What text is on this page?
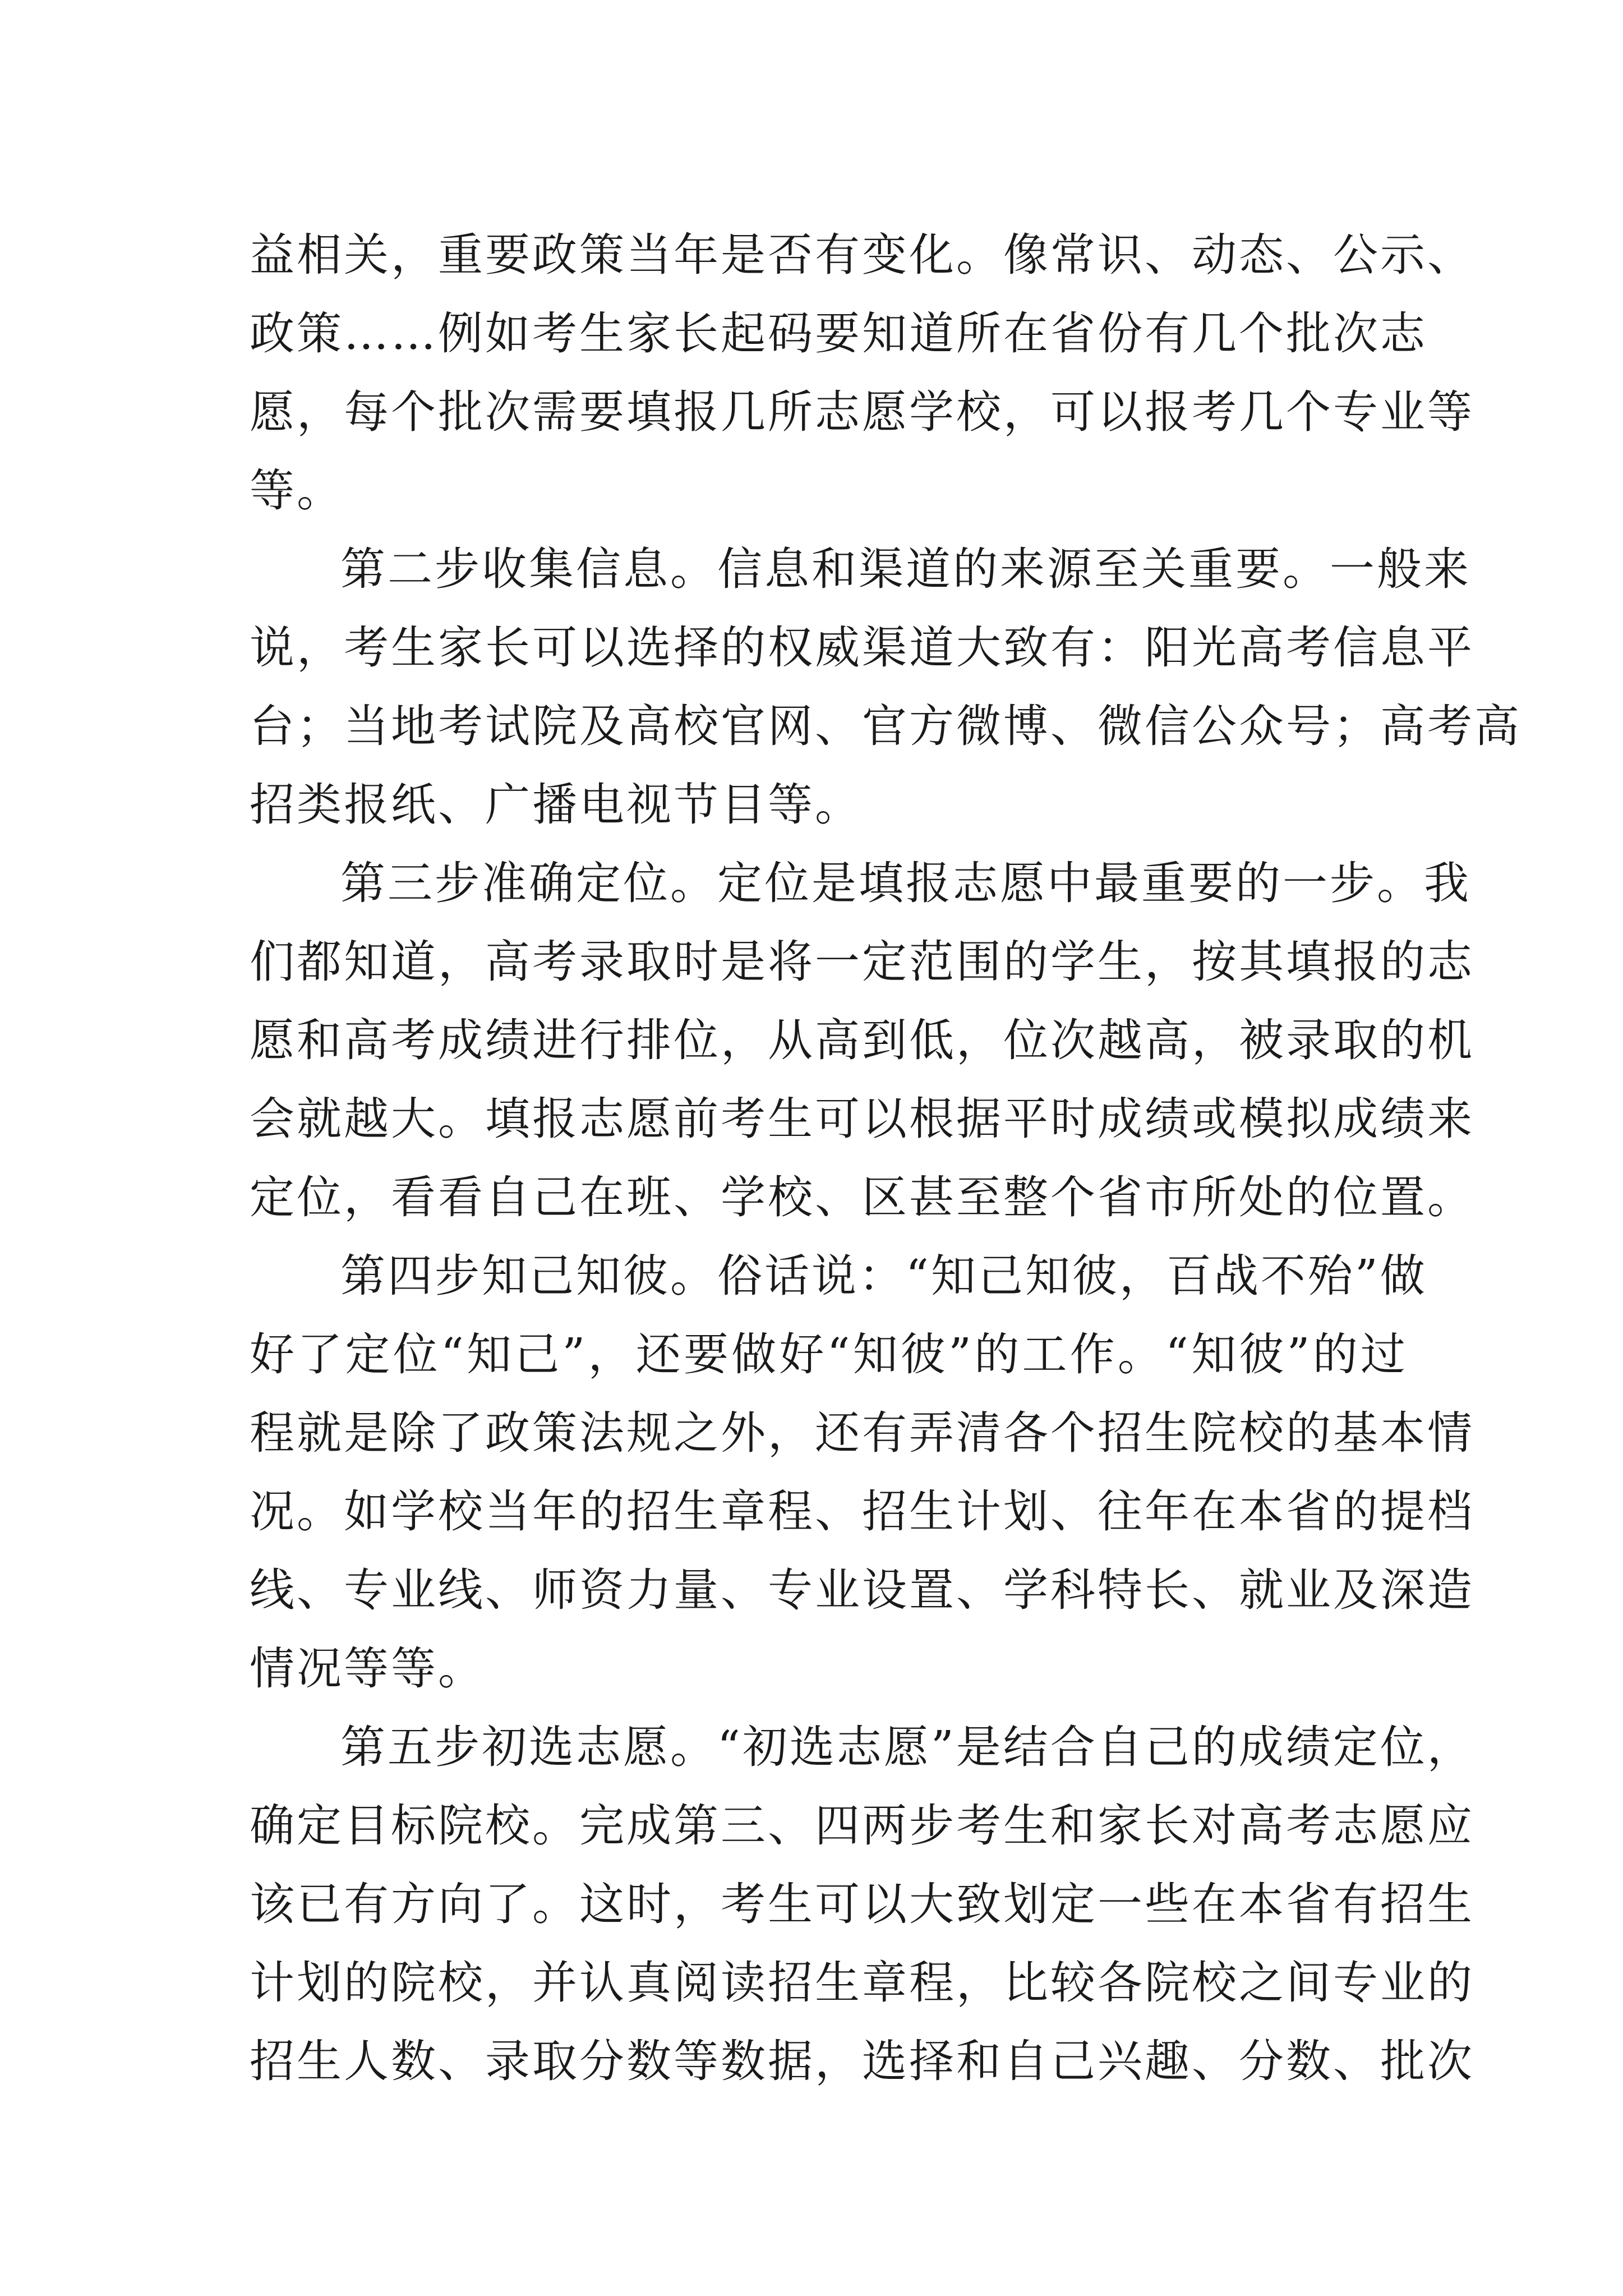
益相关，重要政策当年是否有变化。像常识、动态、公示、
政策……例如考生家长起码要知道所在省份有几个批次志
愿，每个批次需要填报几所志愿学校，可以报考几个专业等
等。
第二步收集信息。信息和渠道的来源至关重要。一般来
说，考生家长可以选择的权威渠道大致有：阳光高考信息平
台；当地考试院及高校官网、官方微博、微信公众号；高考高
招类报纸、广播电视节目等。
第三步准确定位。定位是填报志愿中最重要的一步。我
们都知道，高考录取时是将一定范围的学生，按其填报的志
愿和高考成绩进行排位，从高到低，位次越高，被录取的机
会就越大。填报志愿前考生可以根据平时成绩或模拟成绩来
定位，看看自己在班、学校、区甚至整个省市所处的位置。
第四步知己知彼。俗话说：“知己知彼，百战不殆”做
好了定位“知己”，还要做好“知彼”的工作。“知彼”的过
程就是除了政策法规之外，还有弄清各个招生院校的基本情
况。如学校当年的招生章程、招生计划、往年在本省的提档
线、专业线、师资力量、专业设置、学科特长、就业及深造
情况等等。
第五步初选志愿。“初选志愿”是结合自己的成绩定位，
确定目标院校。完成第三、四两步考生和家长对高考志愿应
该已有方向了。这时，考生可以大致划定一些在本省有招生
计划的院校，并认真阅读招生章程，比较各院校之间专业的
招生人数、录取分数等数据，选择和自己兴趣、分数、批次
